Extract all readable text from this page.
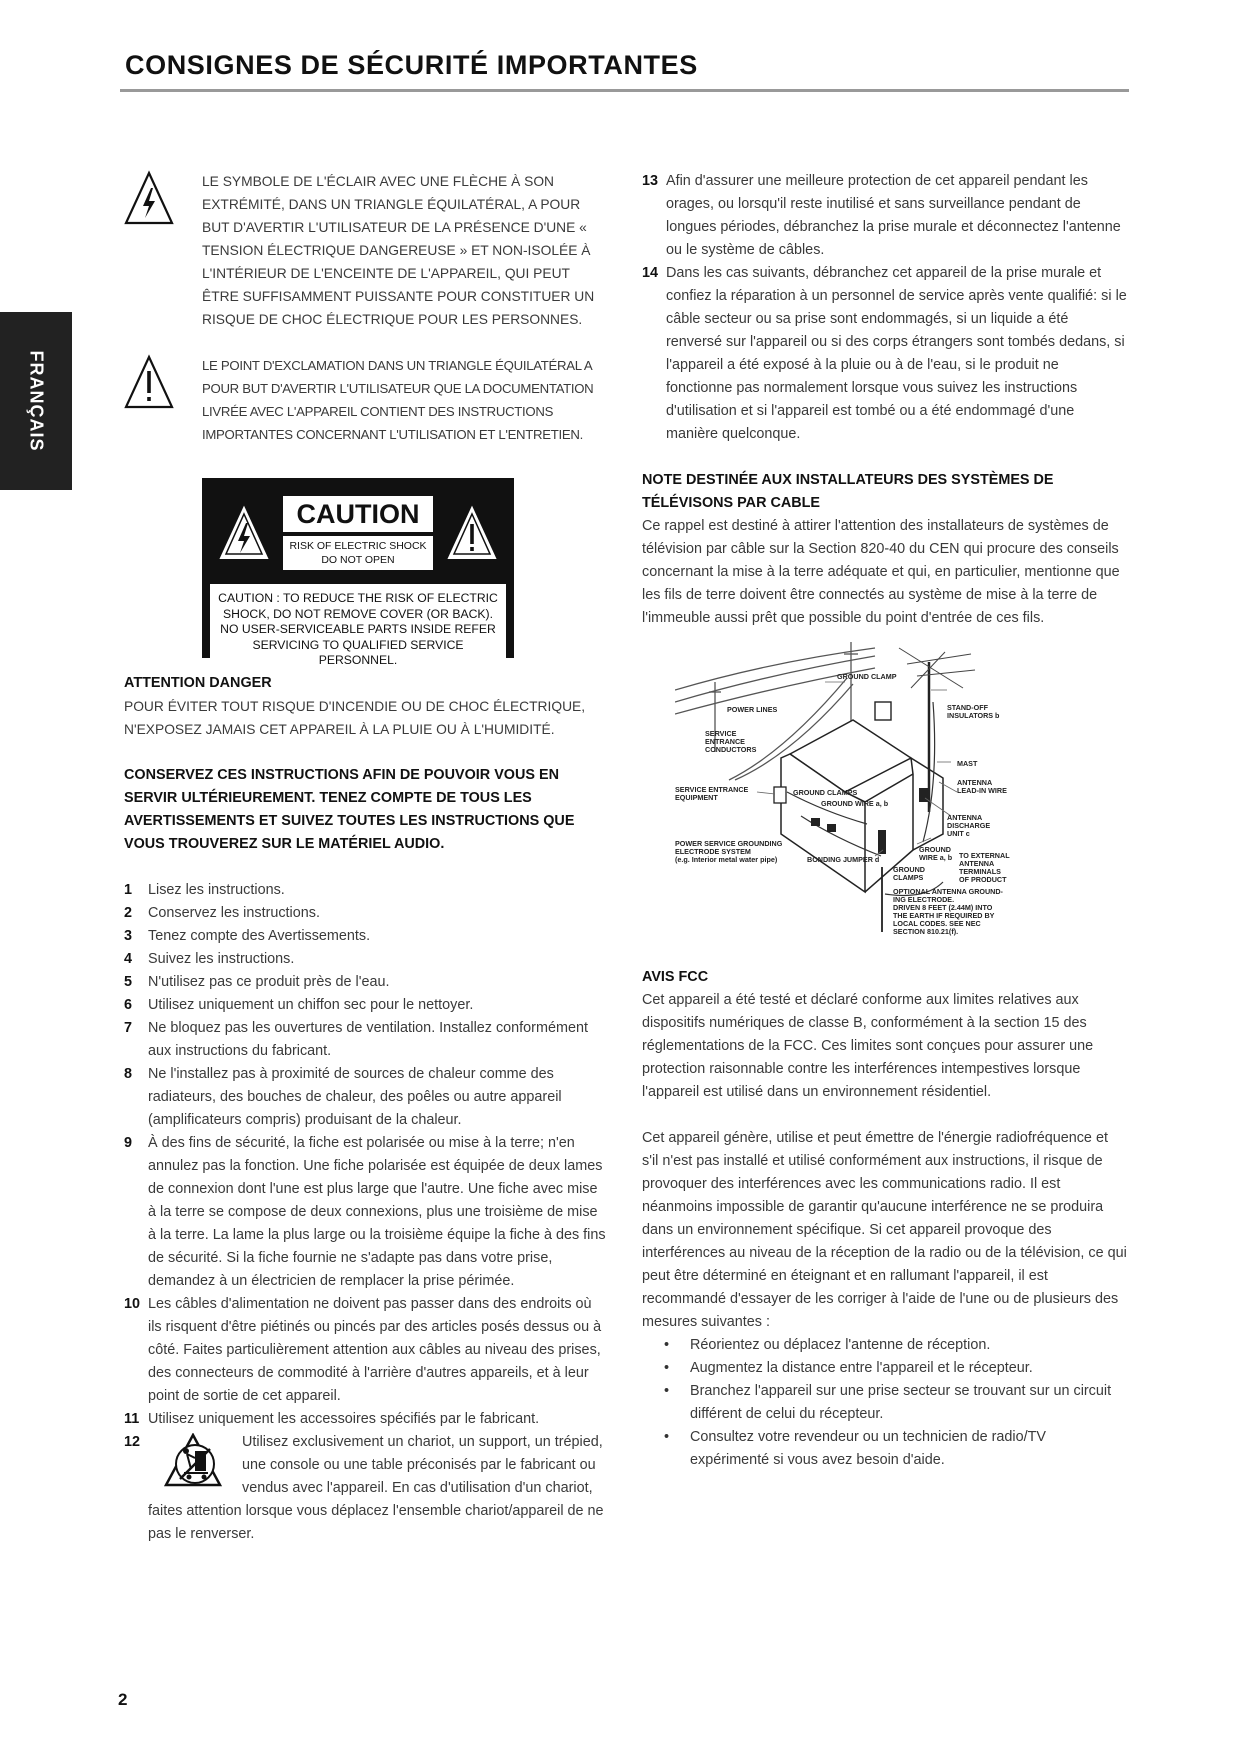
CONSIGNES DE SÉCURITÉ IMPORTANTES
FRANÇAIS
LE SYMBOLE DE L'ÉCLAIR AVEC UNE FLÈCHE À SON EXTRÉMITÉ, DANS UN TRIANGLE ÉQUILATÉRAL, A POUR BUT D'AVERTIR L'UTILISATEUR DE LA PRÉSENCE D'UNE « TENSION ÉLECTRIQUE DANGEREUSE » ET NON-ISOLÉE À L'INTÉRIEUR DE L'ENCEINTE DE L'APPAREIL, QUI PEUT ÊTRE SUFFISAMMENT PUISSANTE POUR CONSTITUER UN RISQUE DE CHOC ÉLECTRIQUE POUR LES PERSONNES.
LE POINT D'EXCLAMATION DANS UN TRIANGLE ÉQUILATÉRAL A POUR BUT D'AVERTIR L'UTILISATEUR QUE LA DOCUMENTATION LIVRÉE AVEC L'APPAREIL CONTIENT DES INSTRUCTIONS IMPORTANTES CONCERNANT L'UTILISATION ET L'ENTRETIEN.
CAUTION
RISK OF ELECTRIC SHOCK DO NOT OPEN
CAUTION : TO REDUCE THE RISK OF ELECTRIC SHOCK, DO NOT REMOVE COVER (OR BACK). NO USER-SERVICEABLE PARTS INSIDE REFER SERVICING TO QUALIFIED SERVICE PERSONNEL.
ATTENTION DANGER
POUR ÉVITER TOUT RISQUE D'INCENDIE OU DE CHOC ÉLECTRIQUE, N'EXPOSEZ JAMAIS CET APPAREIL À LA PLUIE OU À L'HUMIDITÉ.
CONSERVEZ CES INSTRUCTIONS AFIN DE POUVOIR VOUS EN SERVIR ULTÉRIEUREMENT. TENEZ COMPTE DE TOUS LES AVERTISSEMENTS ET SUIVEZ TOUTES LES INSTRUCTIONS QUE VOUS TROUVEREZ SUR LE MATÉRIEL AUDIO.
1 Lisez les instructions.
2 Conservez les instructions.
3 Tenez compte des Avertissements.
4 Suivez les instructions.
5 N'utilisez pas ce produit près de l'eau.
6 Utilisez uniquement un chiffon sec pour le nettoyer.
7 Ne bloquez pas les ouvertures de ventilation. Installez conformément aux instructions du fabricant.
8 Ne l'installez pas à proximité de sources de chaleur comme des radiateurs, des bouches de chaleur, des poêles ou autre appareil (amplificateurs compris) produisant de la chaleur.
9 À des fins de sécurité, la fiche est polarisée ou mise à la terre; n'en annulez pas la fonction. Une fiche polarisée est équipée de deux lames de connexion dont l'une est plus large que l'autre. Une fiche avec mise à la terre se compose de deux connexions, plus une troisième de mise à la terre. La lame la plus large ou la troisième équipe la fiche à des fins de sécurité. Si la fiche fournie ne s'adapte pas dans votre prise, demandez à un électricien de remplacer la prise périmée.
10 Les câbles d'alimentation ne doivent pas passer dans des endroits où ils risquent d'être piétinés ou pincés par des articles posés dessus ou à côté. Faites particulièrement attention aux câbles au niveau des prises, des connecteurs de commodité à l'arrière d'autres appareils, et à leur point de sortie de cet appareil.
11 Utilisez uniquement les accessoires spécifiés par le fabricant.
12	Utilisez exclusivement un chariot, un support, un trépied, une console ou une table préconisés par le fabricant ou vendus avec l'appareil. En cas d'utilisation d'un chariot, faites attention lorsque vous déplacez l'ensemble chariot/appareil de ne pas le renverser.
13 Afin d'assurer une meilleure protection de cet appareil pendant les orages, ou lorsqu'il reste inutilisé et sans surveillance pendant de longues périodes, débranchez la prise murale et déconnectez l'antenne ou le système de câbles.
14 Dans les cas suivants, débranchez cet appareil de la prise murale et confiez la réparation à un personnel de service après vente qualifié: si le câble secteur ou sa prise sont endommagés, si un liquide a été renversé sur l'appareil ou si des corps étrangers sont tombés dedans, si l'appareil a été exposé à la pluie ou à de l'eau, si le produit ne fonctionne pas normalement lorsque vous suivez les instructions d'utilisation et si l'appareil est tombé ou a été endommagé d'une manière quelconque.
NOTE DESTINÉE AUX INSTALLATEURS DES SYSTÈMES DE TÉLÉVISONS PAR CABLE
Ce rappel est destiné à attirer l'attention des installateurs de systèmes de télévision par câble sur la Section 820-40 du CEN qui procure des conseils concernant la mise à la terre adéquate et qui, en particulier, mentionne que les fils de terre doivent être connectés au système de mise à la terre de l'immeuble aussi prêt que possible du point d'entrée de ces fils.
GROUND CLAMP
POWER LINES	STAND-OFF
INSULATORS b
SERVICE
ENTRANCE
CONDUCTORS
MAST
ANTENNA
LEAD-IN WIRE
SERVICE ENTRANCE
EQUIPMENT
GROUND CLAMPS
GROUND WIRE a, b
ANTENNA
DISCHARGE
UNIT c
POWER SERVICE GROUNDING
ELECTRODE SYSTEM
(e.g. Interior metal water pipe)	BONDING JUMPER d
GROUND
WIRE a, b TO EXTERNAL
ANTENNA
TERMINALS
OF PRODUCT
GROUND
CLAMPS
OPTIONAL ANTENNA GROUND-
ING ELECTRODE.
DRIVEN 8 FEET (2.44M) INTO
THE EARTH IF REQUIRED BY
LOCAL CODES. SEE NEC
SECTION 810.21(f).
AVIS FCC
Cet appareil a été testé et déclaré conforme aux limites relatives aux dispositifs numériques de classe B, conformément à la section 15 des réglementations de la FCC. Ces limites sont conçues pour assurer une protection raisonnable contre les interférences intempestives lorsque l'appareil est utilisé dans un environnement résidentiel.
Cet appareil génère, utilise et peut émettre de l'énergie radiofréquence et s'il n'est pas installé et utilisé conformément aux instructions, il risque de provoquer des interférences avec les communications radio. Il est néanmoins impossible de garantir qu'aucune interférence ne se produira dans un environnement spécifique. Si cet appareil provoque des interférences au niveau de la réception de la radio ou de la télévision, ce qui peut être déterminé en éteignant et en rallumant l'appareil, il est recommandé d'essayer de les corriger à l'aide de l'une ou de plusieurs des mesures suivantes :
• Réorientez ou déplacez l'antenne de réception.
• Augmentez la distance entre l'appareil et le récepteur.
• Branchez l'appareil sur une prise secteur se trouvant sur un circuit différent de celui du récepteur.
• Consultez votre revendeur ou un technicien de radio/TV expérimenté si vous avez besoin d'aide.
2
